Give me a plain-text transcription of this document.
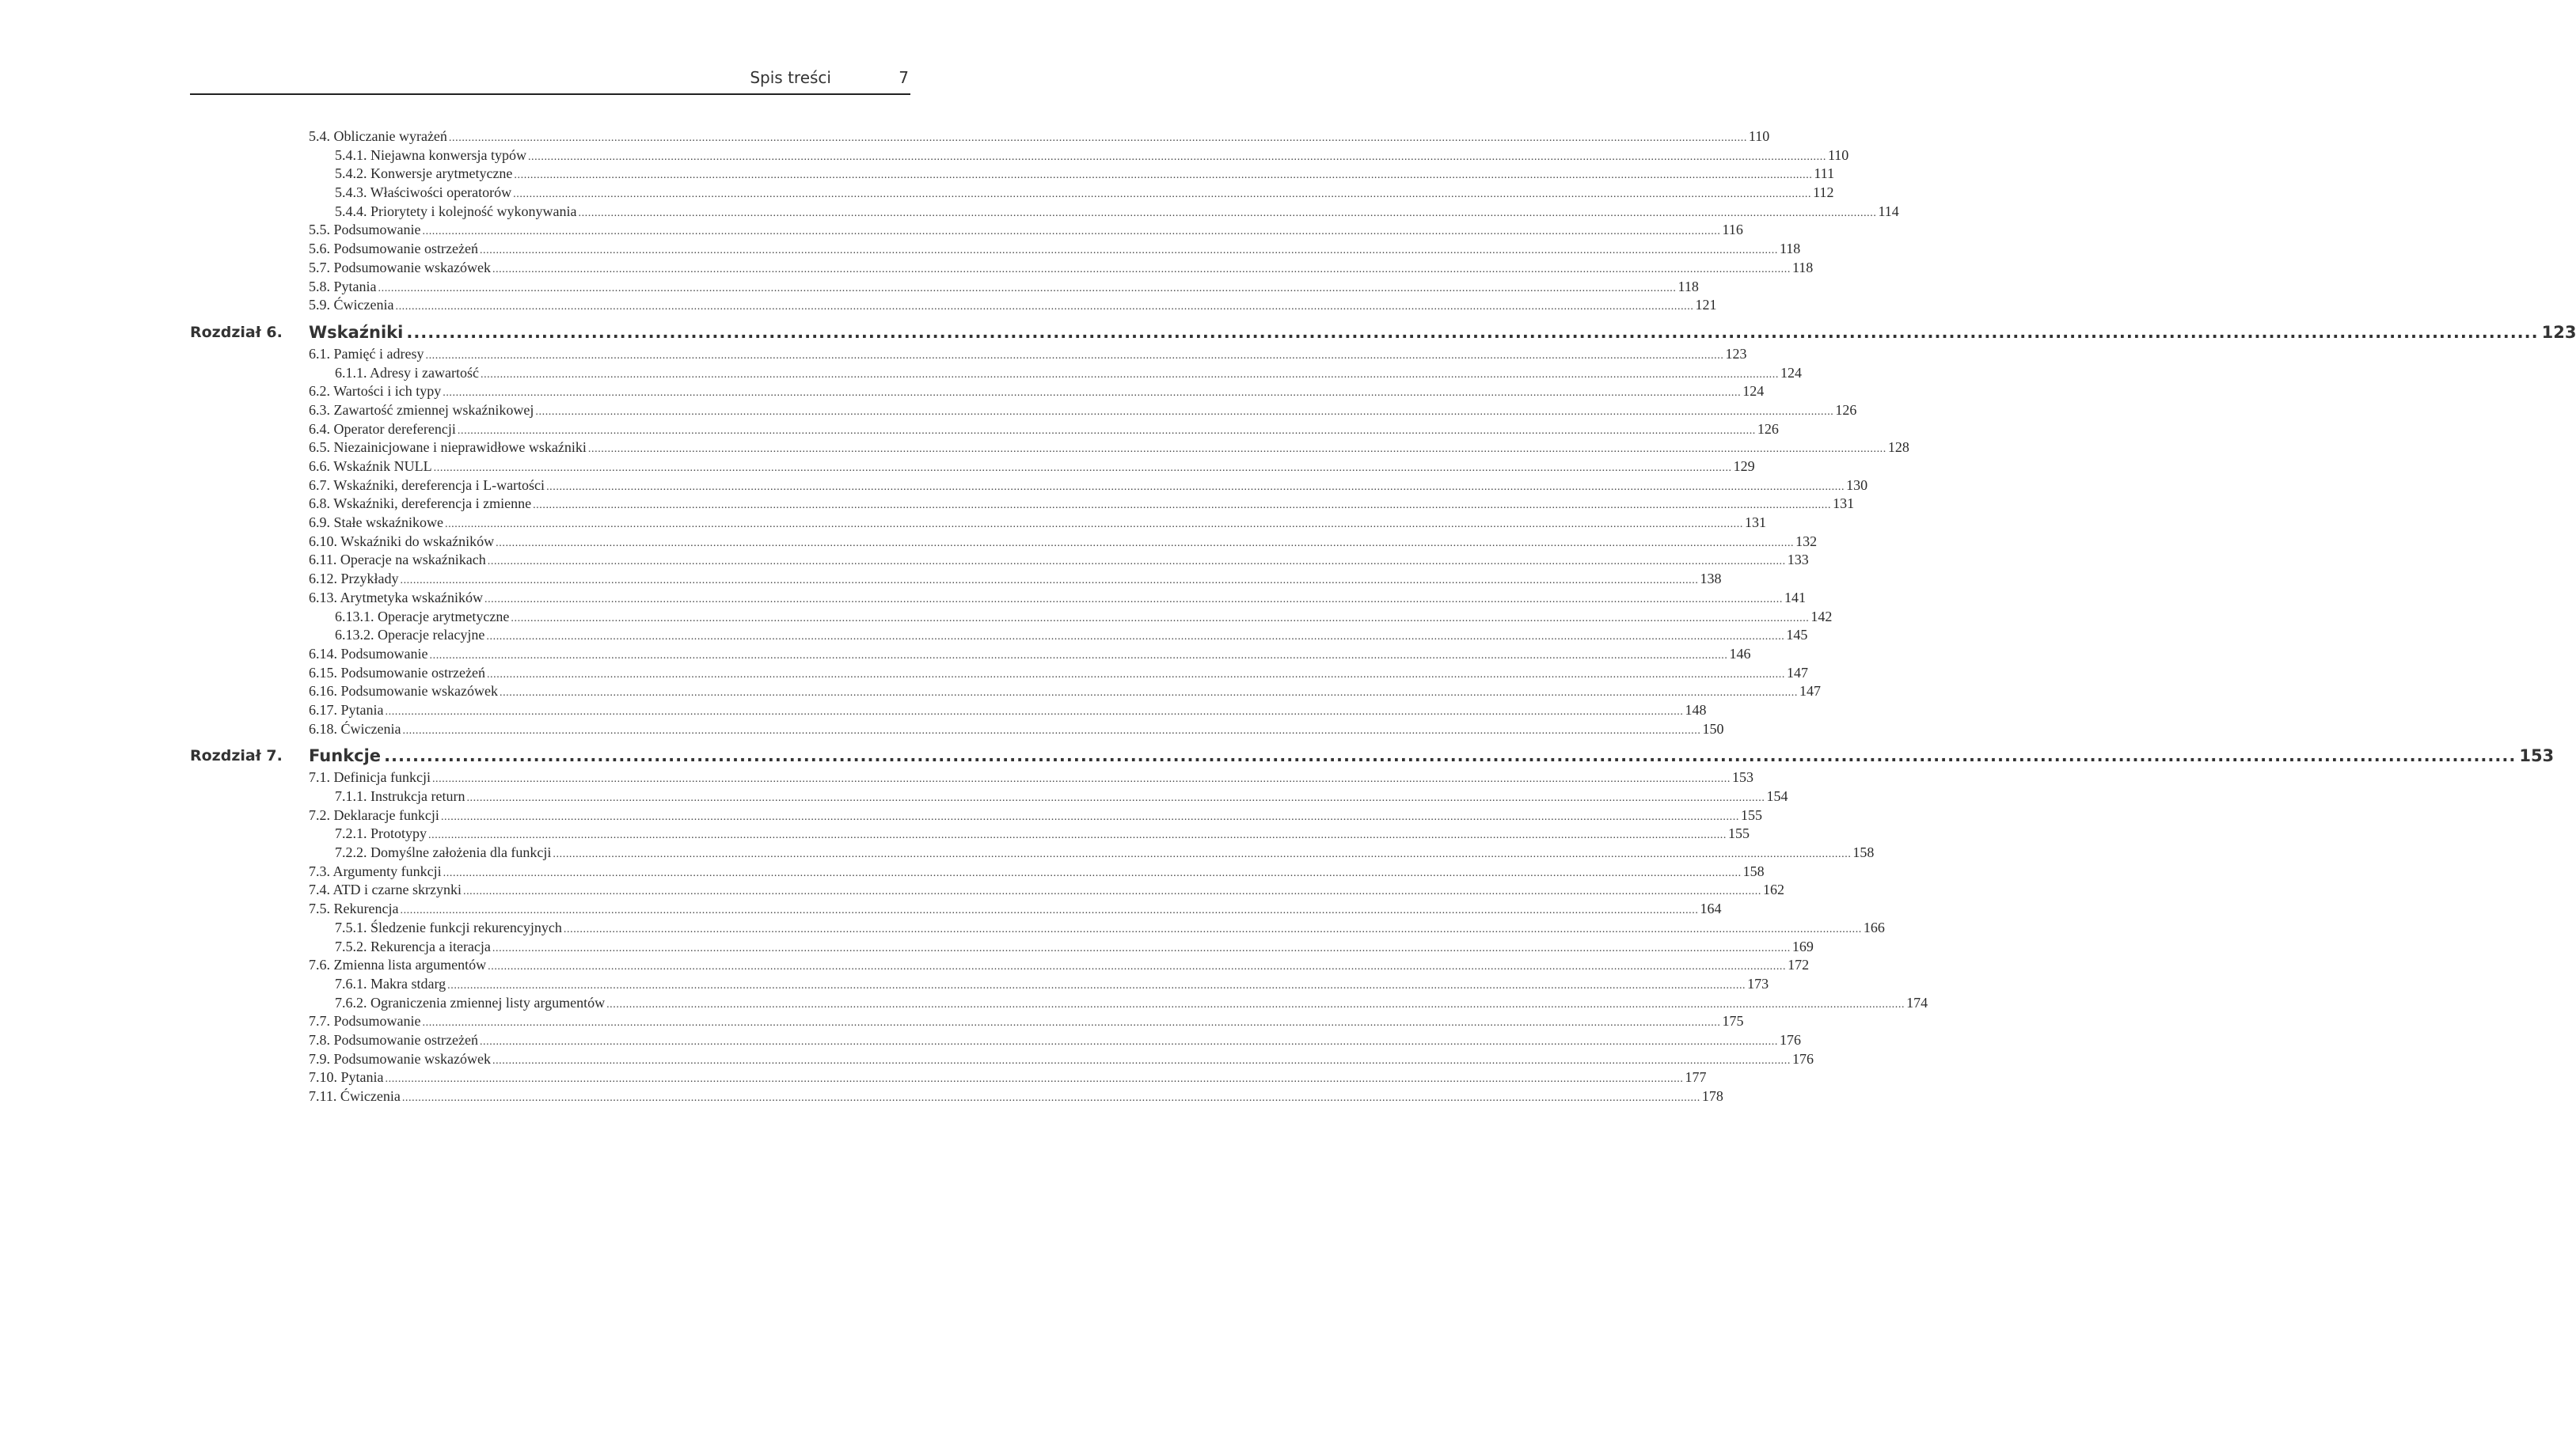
Spis treści	7
5.4. Obliczanie wyrażeń ................................................................................................................................................................................................................................................................................................................................................................................................................ 110
5.4.1. Niejawna konwersja typów ................................................................................................................................................................................................................................................................................................................................................................................................................ 110
5.4.2. Konwersje arytmetyczne ................................................................................................................................................................................................................................................................................................................................................................................................................ 111
5.4.3. Właściwości operatorów ................................................................................................................................................................................................................................................................................................................................................................................................................ 112
5.4.4. Priorytety i kolejność wykonywania ................................................................................................................................................................................................................................................................................................................................................................................................................ 114
5.5. Podsumowanie ................................................................................................................................................................................................................................................................................................................................................................................................................ 116
5.6. Podsumowanie ostrzeżeń ................................................................................................................................................................................................................................................................................................................................................................................................................ 118
5.7. Podsumowanie wskazówek ................................................................................................................................................................................................................................................................................................................................................................................................................ 118
5.8. Pytania ................................................................................................................................................................................................................................................................................................................................................................................................................ 118
5.9. Ćwiczenia ................................................................................................................................................................................................................................................................................................................................................................................................................ 121
Rozdział 6. Wskaźniki ............................................................................................................................................................................................................................................................................................................ 123
6.1. Pamięć i adresy ................................................................................................................................................................................................................................................................................................................................................................................................................ 123
6.1.1. Adresy i zawartość ................................................................................................................................................................................................................................................................................................................................................................................................................ 124
6.2. Wartości i ich typy ................................................................................................................................................................................................................................................................................................................................................................................................................ 124
6.3. Zawartość zmiennej wskaźnikowej ................................................................................................................................................................................................................................................................................................................................................................................................................ 126
6.4. Operator dereferencji ................................................................................................................................................................................................................................................................................................................................................................................................................ 126
6.5. Niezainicjowane i nieprawidłowe wskaźniki ................................................................................................................................................................................................................................................................................................................................................................................................................ 128
6.6. Wskaźnik NULL ................................................................................................................................................................................................................................................................................................................................................................................................................ 129
6.7. Wskaźniki, dereferencja i L-wartości ................................................................................................................................................................................................................................................................................................................................................................................................................ 130
6.8. Wskaźniki, dereferencja i zmienne ................................................................................................................................................................................................................................................................................................................................................................................................................ 131
6.9. Stałe wskaźnikowe ................................................................................................................................................................................................................................................................................................................................................................................................................ 131
6.10. Wskaźniki do wskaźników ................................................................................................................................................................................................................................................................................................................................................................................................................ 132
6.11. Operacje na wskaźnikach ................................................................................................................................................................................................................................................................................................................................................................................................................ 133
6.12. Przykłady ................................................................................................................................................................................................................................................................................................................................................................................................................ 138
6.13. Arytmetyka wskaźników ................................................................................................................................................................................................................................................................................................................................................................................................................ 141
6.13.1. Operacje arytmetyczne ................................................................................................................................................................................................................................................................................................................................................................................................................ 142
6.13.2. Operacje relacyjne ................................................................................................................................................................................................................................................................................................................................................................................................................ 145
6.14. Podsumowanie ................................................................................................................................................................................................................................................................................................................................................................................................................ 146
6.15. Podsumowanie ostrzeżeń ................................................................................................................................................................................................................................................................................................................................................................................................................ 147
6.16. Podsumowanie wskazówek ................................................................................................................................................................................................................................................................................................................................................................................................................ 147
6.17. Pytania ................................................................................................................................................................................................................................................................................................................................................................................................................ 148
6.18. Ćwiczenia ................................................................................................................................................................................................................................................................................................................................................................................................................ 150
Rozdział 7. Funkcje ............................................................................................................................................................................................................................................................................................................ 153
7.1. Definicja funkcji ................................................................................................................................................................................................................................................................................................................................................................................................................ 153
7.1.1. Instrukcja return ................................................................................................................................................................................................................................................................................................................................................................................................................ 154
7.2. Deklaracje funkcji ................................................................................................................................................................................................................................................................................................................................................................................................................ 155
7.2.1. Prototypy ................................................................................................................................................................................................................................................................................................................................................................................................................ 155
7.2.2. Domyślne założenia dla funkcji ................................................................................................................................................................................................................................................................................................................................................................................................................ 158
7.3. Argumenty funkcji ................................................................................................................................................................................................................................................................................................................................................................................................................ 158
7.4. ATD i czarne skrzynki ................................................................................................................................................................................................................................................................................................................................................................................................................ 162
7.5. Rekurencja ................................................................................................................................................................................................................................................................................................................................................................................................................ 164
7.5.1. Śledzenie funkcji rekurencyjnych ................................................................................................................................................................................................................................................................................................................................................................................................................ 166
7.5.2. Rekurencja a iteracja ................................................................................................................................................................................................................................................................................................................................................................................................................ 169
7.6. Zmienna lista argumentów ................................................................................................................................................................................................................................................................................................................................................................................................................ 172
7.6.1. Makra stdarg ................................................................................................................................................................................................................................................................................................................................................................................................................ 173
7.6.2. Ograniczenia zmiennej listy argumentów ................................................................................................................................................................................................................................................................................................................................................................................................................ 174
7.7. Podsumowanie ................................................................................................................................................................................................................................................................................................................................................................................................................ 175
7.8. Podsumowanie ostrzeżeń ................................................................................................................................................................................................................................................................................................................................................................................................................ 176
7.9. Podsumowanie wskazówek ................................................................................................................................................................................................................................................................................................................................................................................................................ 176
7.10. Pytania ................................................................................................................................................................................................................................................................................................................................................................................................................ 177
7.11. Ćwiczenia ................................................................................................................................................................................................................................................................................................................................................................................................................ 178
